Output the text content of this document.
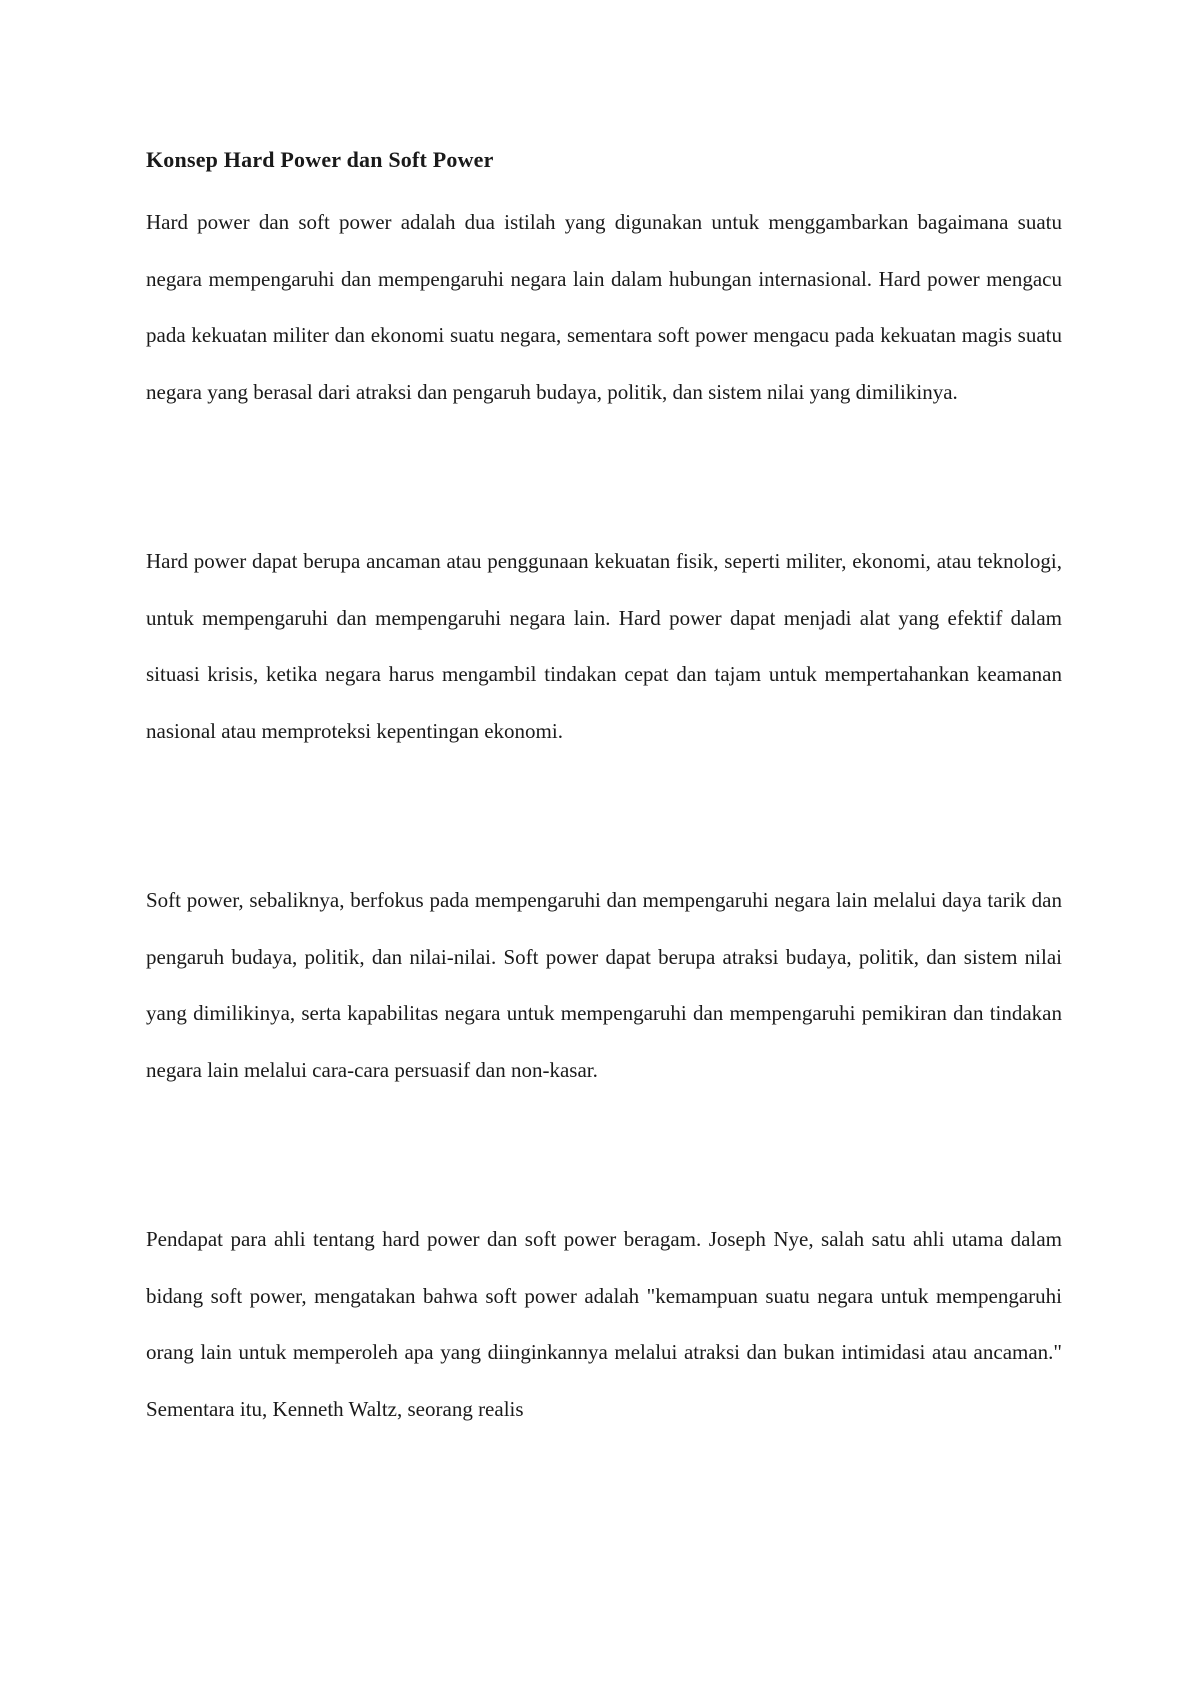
Konsep Hard Power dan Soft Power

Hard power dan soft power adalah dua istilah yang digunakan untuk menggambarkan bagaimana suatu negara mempengaruhi dan mempengaruhi negara lain dalam hubungan internasional. Hard power mengacu pada kekuatan militer dan ekonomi suatu negara, sementara soft power mengacu pada kekuatan magis suatu negara yang berasal dari atraksi dan pengaruh budaya, politik, dan sistem nilai yang dimilikinya.

Hard power dapat berupa ancaman atau penggunaan kekuatan fisik, seperti militer, ekonomi, atau teknologi, untuk mempengaruhi dan mempengaruhi negara lain. Hard power dapat menjadi alat yang efektif dalam situasi krisis, ketika negara harus mengambil tindakan cepat dan tajam untuk mempertahankan keamanan nasional atau memproteksi kepentingan ekonomi.

Soft power, sebaliknya, berfokus pada mempengaruhi dan mempengaruhi negara lain melalui daya tarik dan pengaruh budaya, politik, dan nilai-nilai. Soft power dapat berupa atraksi budaya, politik, dan sistem nilai yang dimilikinya, serta kapabilitas negara untuk mempengaruhi dan mempengaruhi pemikiran dan tindakan negara lain melalui cara-cara persuasif dan non-kasar.

Pendapat para ahli tentang hard power dan soft power beragam. Joseph Nye, salah satu ahli utama dalam bidang soft power, mengatakan bahwa soft power adalah "kemampuan suatu negara untuk mempengaruhi orang lain untuk memperoleh apa yang diinginkannya melalui atraksi dan bukan intimidasi atau ancaman." Sementara itu, Kenneth Waltz, seorang realis
